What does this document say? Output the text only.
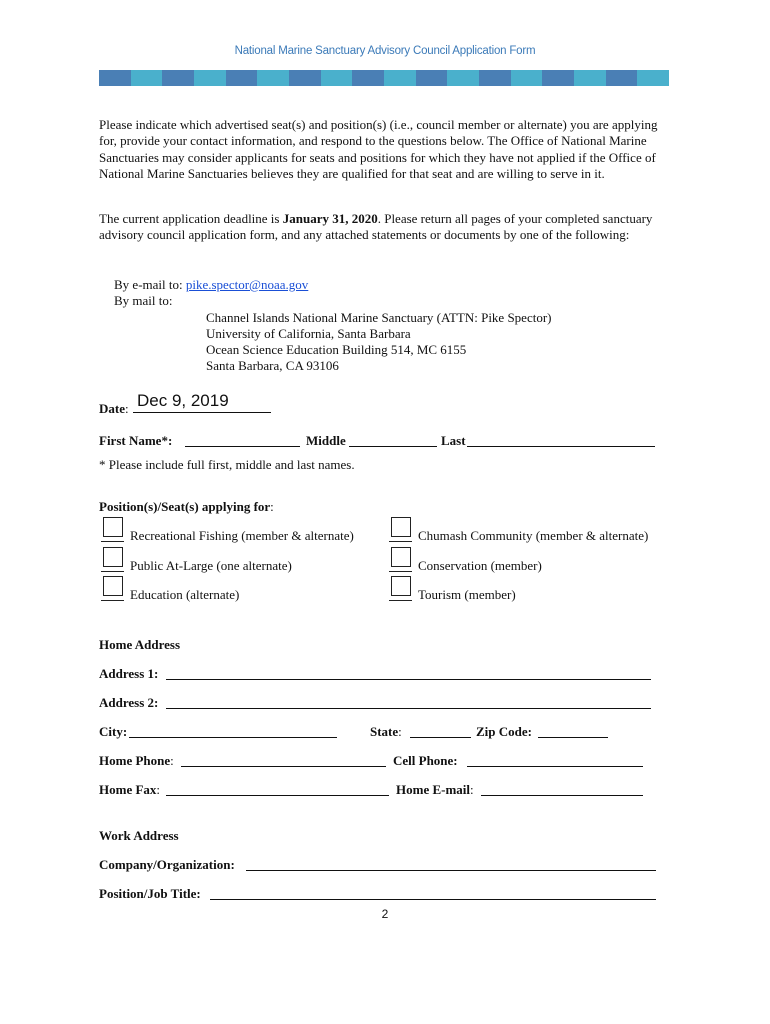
National Marine Sanctuary Advisory Council Application Form
Please indicate which advertised seat(s) and position(s) (i.e., council member or alternate) you are applying for, provide your contact information, and respond to the questions below. The Office of National Marine Sanctuaries may consider applicants for seats and positions for which they have not applied if the Office of National Marine Sanctuaries believes they are qualified for that seat and are willing to serve in it.
The current application deadline is January 31, 2020. Please return all pages of your completed sanctuary advisory council application form, and any attached statements or documents by one of the following:
By e-mail to: pike.spector@noaa.gov
By mail to:
Channel Islands National Marine Sanctuary (ATTN: Pike Spector)
University of California, Santa Barbara
Ocean Science Education Building 514, MC 6155
Santa Barbara, CA 93106
Date: Dec 9, 2019
First Name*:	Middle	Last
* Please include full first, middle and last names.
Position(s)/Seat(s) applying for:
Recreational Fishing (member & alternate)
Public At-Large (one alternate)
Education (alternate)
Chumash Community (member & alternate)
Conservation (member)
Tourism (member)
Home Address
Address 1:
Address 2:
City:	State:	Zip Code:
Home Phone:	Cell Phone:
Home Fax:	Home E-mail:
Work Address
Company/Organization:
Position/Job Title:
2
